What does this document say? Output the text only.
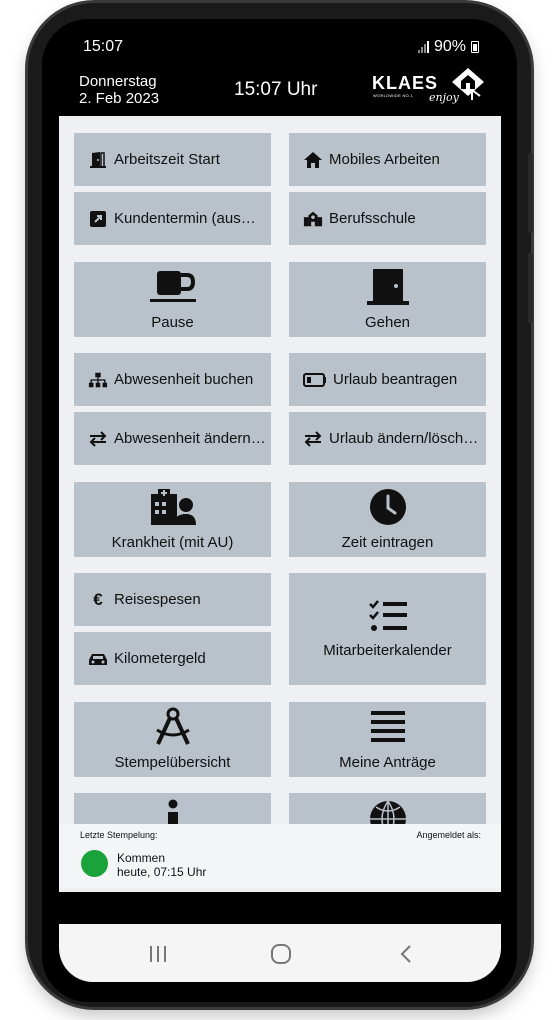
15:07	90%
Donnerstag
2. Feb 2023	15:07 Uhr	KLAES
WORLDWIDE NO.1 enjoy
Arbeitszeit Start	Mobiles Arbeiten
Kundentermin (aus…	Berufsschule
Pause	Gehen
Abwesenheit buchen	Urlaub beantragen
Abwesenheit ändern…	Urlaub ändern/lösch…
Krankheit (mit AU)	Zeit eintragen
€ Reisespesen
Mitarbeiterkalender
Kilometergeld
Stempelübersicht	Meine Anträge
Letzte Stempelung:	Angemeldet als:
Kommen
heute, 07:15 Uhr
